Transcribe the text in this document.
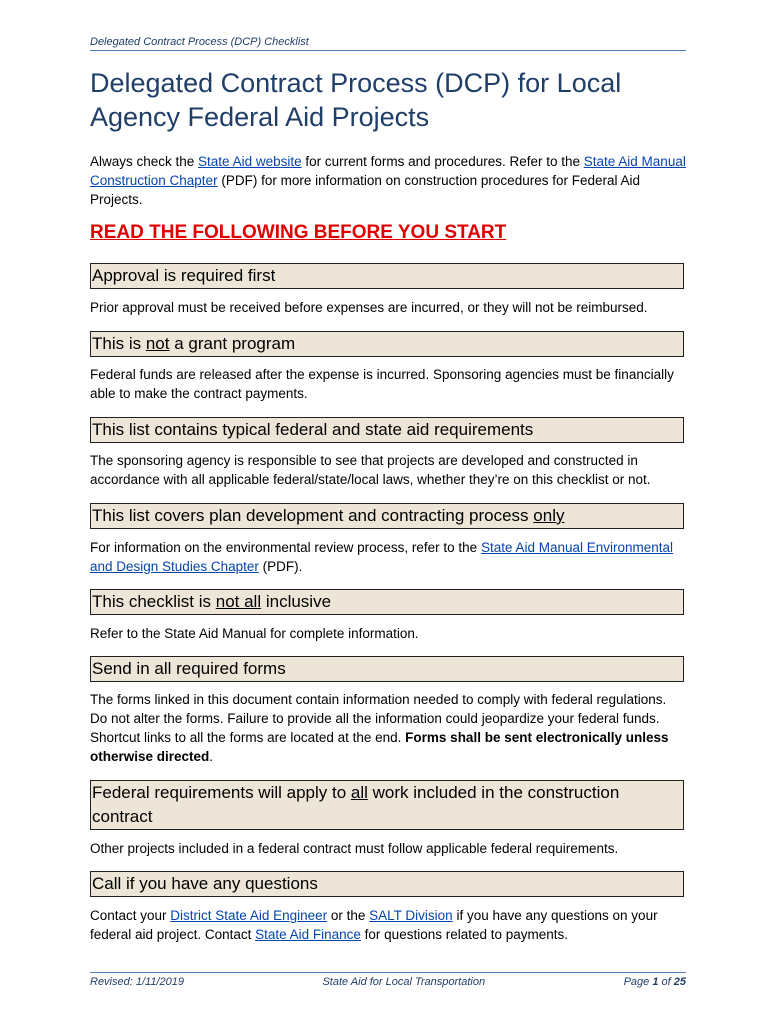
Delegated Contract Process (DCP) Checklist
Delegated Contract Process (DCP) for Local Agency Federal Aid Projects

Always check the State Aid website for current forms and procedures. Refer to the State Aid Manual Construction Chapter (PDF) for more information on construction procedures for Federal Aid Projects.

READ THE FOLLOWING BEFORE YOU START

Approval is required first

Prior approval must be received before expenses are incurred, or they will not be reimbursed.

This is not a grant program

Federal funds are released after the expense is incurred. Sponsoring agencies must be financially able to make the contract payments.

This list contains typical federal and state aid requirements

The sponsoring agency is responsible to see that projects are developed and constructed in accordance with all applicable federal/state/local laws, whether they’re on this checklist or not.

This list covers plan development and contracting process only

For information on the environmental review process, refer to the State Aid Manual Environmental and Design Studies Chapter (PDF).

This checklist is not all inclusive

Refer to the State Aid Manual for complete information.

Send in all required forms

The forms linked in this document contain information needed to comply with federal regulations. Do not alter the forms. Failure to provide all the information could jeopardize your federal funds. Shortcut links to all the forms are located at the end. Forms shall be sent electronically unless otherwise directed.

Federal requirements will apply to all work included in the construction contract

Other projects included in a federal contract must follow applicable federal requirements.

Call if you have any questions

Contact your District State Aid Engineer or the SALT Division if you have any questions on your federal aid project. Contact State Aid Finance for questions related to payments.

Revised: 1/11/2019	State Aid for Local Transportation	Page 1 of 25
